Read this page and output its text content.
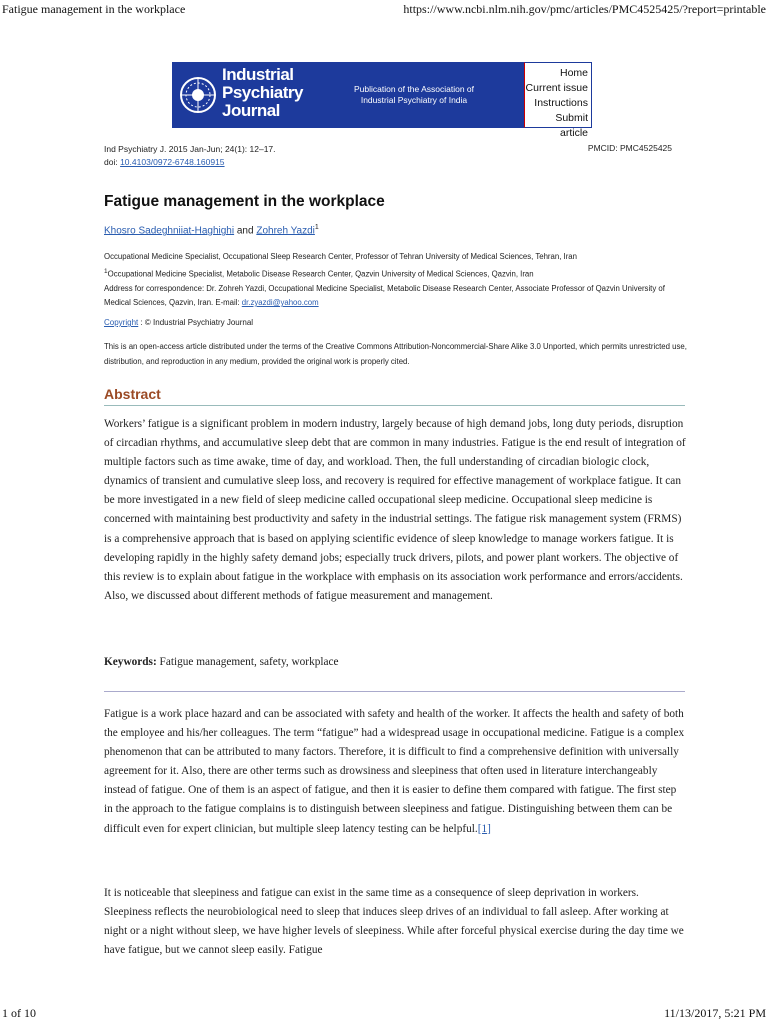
Fatigue management in the workplace	https://www.ncbi.nlm.nih.gov/pmc/articles/PMC4525425/?report=printable
Industrial
Psychiatry
Journal
Publication of the Association of
Industrial Psychiatry of India
Home
Current issue
Instructions
Submit article
Ind Psychiatry J. 2015 Jan-Jun; 24(1): 12–17.
doi: 10.4103/0972-6748.160915
PMCID: PMC4525425
Fatigue management in the workplace
Khosro Sadeghniiat-Haghighi and Zohreh Yazdi$^1$
Occupational Medicine Specialist, Occupational Sleep Research Center, Professor of Tehran University of Medical Sciences, Tehran, Iran
$^1$Occupational Medicine Specialist, Metabolic Disease Research Center, Qazvin University of Medical Sciences, Qazvin, Iran
Address for correspondence: Dr. Zohreh Yazdi, Occupational Medicine Specialist, Metabolic Disease Research Center, Associate Professor of Qazvin University of Medical Sciences, Qazvin, Iran. E-mail: dr.zyazdi@yahoo.com
Copyright : © Industrial Psychiatry Journal
This is an open-access article distributed under the terms of the Creative Commons Attribution-Noncommercial-Share Alike 3.0 Unported, which permits unrestricted use, distribution, and reproduction in any medium, provided the original work is properly cited.
Abstract

Workers’ fatigue is a significant problem in modern industry, largely because of high demand jobs, long duty periods, disruption of circadian rhythms, and accumulative sleep debt that are common in many industries. Fatigue is the end result of integration of multiple factors such as time awake, time of day, and workload. Then, the full understanding of circadian biologic clock, dynamics of transient and cumulative sleep loss, and recovery is required for effective management of workplace fatigue. It can be more investigated in a new field of sleep medicine called occupational sleep medicine. Occupational sleep medicine is concerned with maintaining best productivity and safety in the industrial settings. The fatigue risk management system (FRMS) is a comprehensive approach that is based on applying scientific evidence of sleep knowledge to manage workers fatigue. It is developing rapidly in the highly safety demand jobs; especially truck drivers, pilots, and power plant workers. The objective of this review is to explain about fatigue in the workplace with emphasis on its association work performance and errors/accidents. Also, we discussed about different methods of fatigue measurement and management.

Keywords: Fatigue management, safety, workplace

Fatigue is a work place hazard and can be associated with safety and health of the worker. It affects the health and safety of both the employee and his/her colleagues. The term “fatigue” had a widespread usage in occupational medicine. Fatigue is a complex phenomenon that can be attributed to many factors. Therefore, it is difficult to find a comprehensive definition with universally agreement for it. Also, there are other terms such as drowsiness and sleepiness that often used in literature interchangeably instead of fatigue. One of them is an aspect of fatigue, and then it is easier to define them compared with fatigue. The first step in the approach to the fatigue complains is to distinguish between sleepiness and fatigue. Distinguishing between them can be difficult even for expert clinician, but multiple sleep latency testing can be helpful.[1]

It is noticeable that sleepiness and fatigue can exist in the same time as a consequence of sleep deprivation in workers. Sleepiness reflects the neurobiological need to sleep that induces sleep drives of an individual to fall asleep. After working at night or a night without sleep, we have higher levels of sleepiness. While after forceful physical exercise during the day time we have fatigue, but we cannot sleep easily. Fatigue

1 of 10	11/13/2017, 5:21 PM
